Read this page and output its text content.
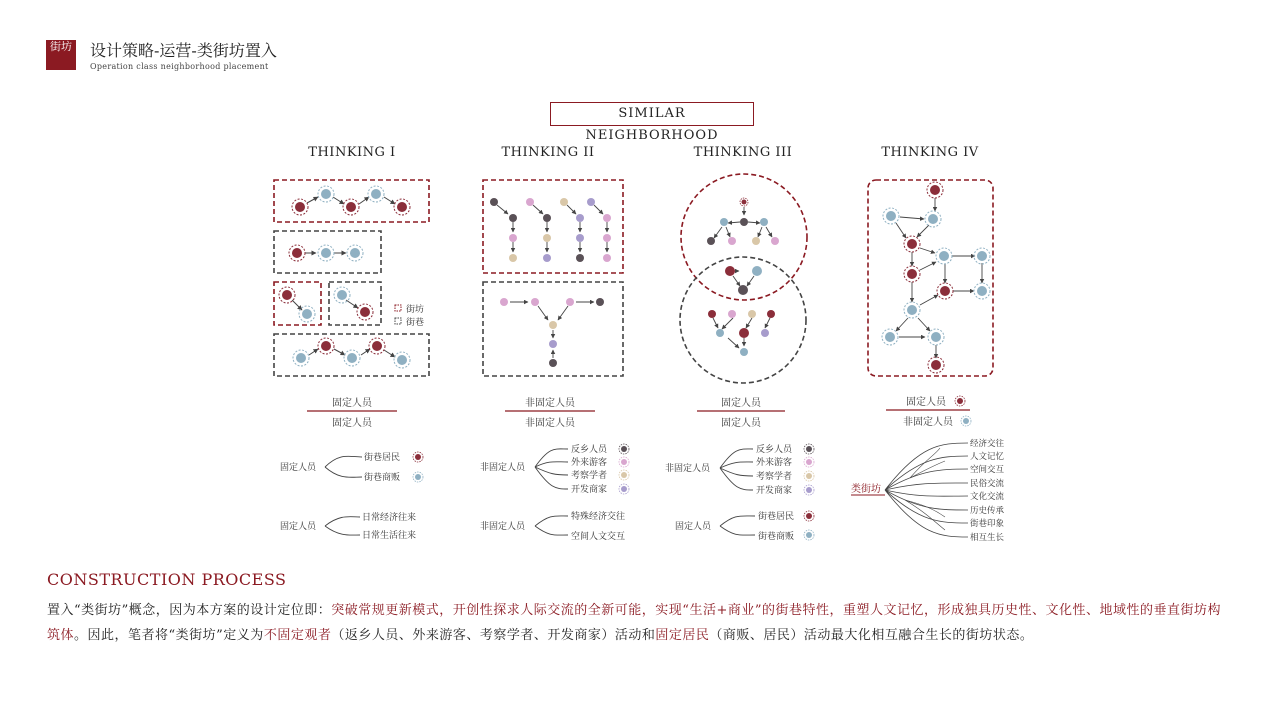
街坊 设计策略-运营-类街坊置入
Operation class neighborhood placement
SIMILAR NEIGHBORHOOD
THINKING I	THINKING II	THINKING III	THINKING IV
街坊
街巷
固定人员
固定人员
非固定人员
非固定人员
固定人员
固定人员
固定人员
非固定人员
固定人员
街巷居民
街巷商贩
固定人员
日常经济往来
日常生活往来
非固定人员
反乡人员
外来游客
考察学者
开发商家
非固定人员
特殊经济交往
空间人文交互
非固定人员
反乡人员
外来游客
考察学者
开发商家
固定人员
街巷居民
街巷商贩
类街坊
经济交往
人文记忆
空间交互
民俗交流
文化交流
历史传承
街巷印象
相互生长
CONSTRUCTION PROCESS
置入“类街坊”概念，因为本方案的设计定位即：突破常规更新模式，开创性探求人际交流的全新可能，实现“生活+商业”的街巷特性，重塑人文记忆，形成独具历史性、文化性、地域性的垂直街坊构筑体。因此，笔者将“类街坊”定义为不固定观者（返乡人员、外来游客、考察学者、开发商家）活动和固定居民（商贩、居民）活动最大化相互融合生长的街坊状态。
